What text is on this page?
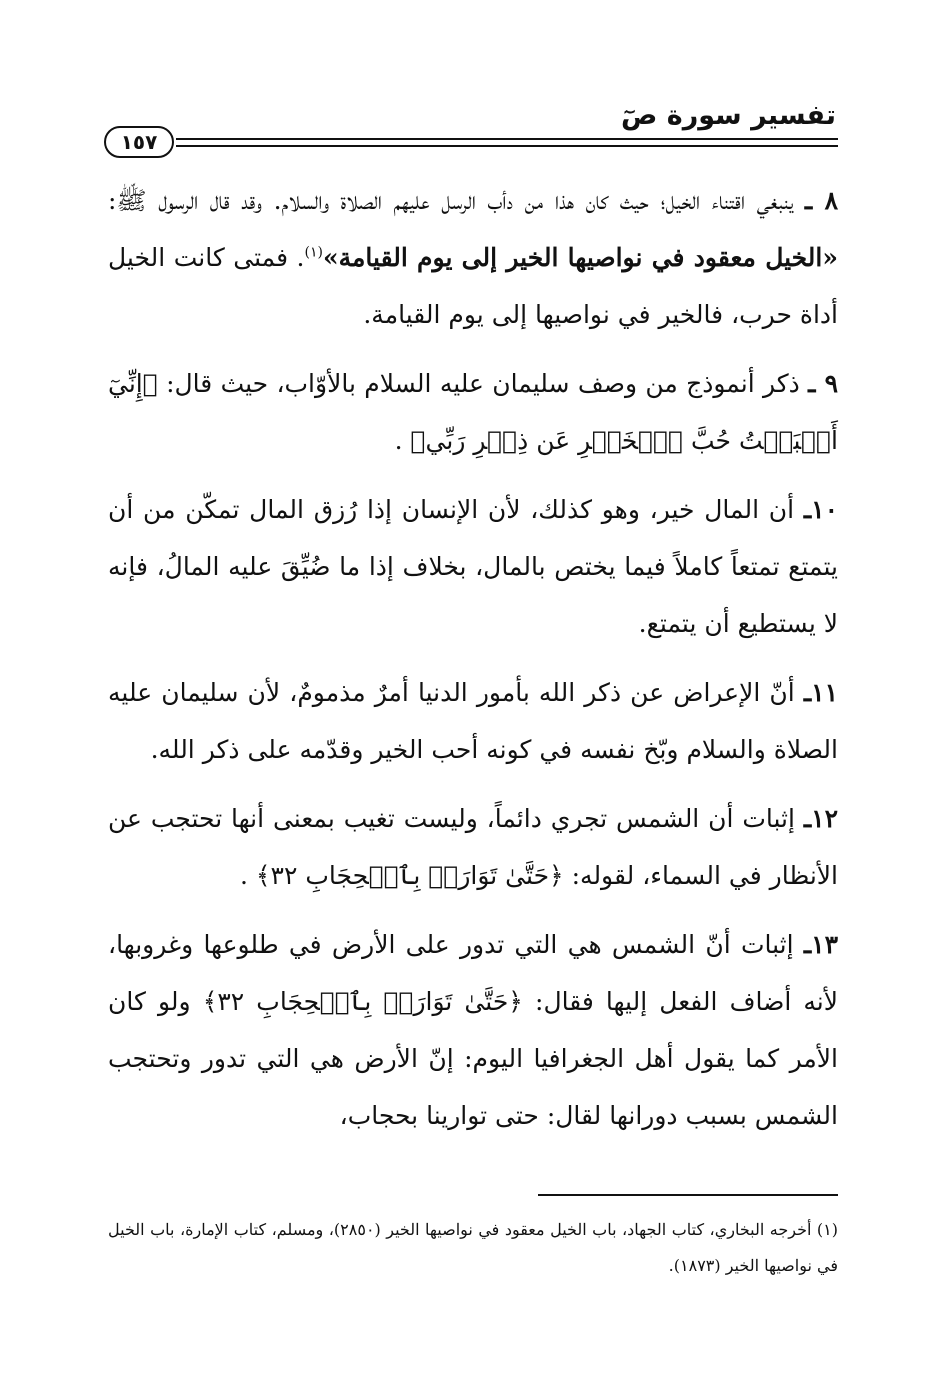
تفسير سورة صٓ
١٥٧

٨ ـ ينبغي اقتناء الخيل؛ حيث كان هذا من دأب الرسل عليهم الصلاة والسلام. وقد قال الرسول ﷺ: «الخيل معقود في نواصيها الخير إلى يوم القيامة»$^{(١)}$. فمتى كانت الخيل أداة حرب، فالخير في نواصيها إلى يوم القيامة.

٩ ـ ذكر أنموذج من وصف سليمان عليه السلام بالأوّاب، حيث قال: ﴿إِنِّيٓ أَحۡبَبۡتُ حُبَّ ٱلۡخَيۡرِ عَن ذِكۡرِ رَبِّي﴾ .

١٠ـ أن المال خير، وهو كذلك، لأن الإنسان إذا رُزق المال تمكّن من أن يتمتع تمتعاً كاملاً فيما يختص بالمال، بخلاف إذا ما ضُيِّقَ عليه المالُ، فإنه لا يستطيع أن يتمتع.

١١ـ أنّ الإعراض عن ذكر الله بأمور الدنيا أمرٌ مذمومٌ، لأن سليمان عليه الصلاة والسلام وبّخ نفسه في كونه أحب الخير وقدّمه على ذكر الله.

١٢ـ إثبات أن الشمس تجري دائماً، وليست تغيب بمعنى أنها تحتجب عن الأنظار في السماء، لقوله: ﴿حَتَّىٰ تَوَارَتۡ بِٱلۡحِجَابِ ٣٢﴾ .

١٣ـ إثبات أنّ الشمس هي التي تدور على الأرض في طلوعها وغروبها، لأنه أضاف الفعل إليها فقال: ﴿حَتَّىٰ تَوَارَتۡ بِٱلۡحِجَابِ ٣٢﴾ ولو كان الأمر كما يقول أهل الجغرافيا اليوم: إنّ الأرض هي التي تدور وتحتجب الشمس بسبب دورانها لقال: حتى توارينا بحجاب،

(١) أخرجه البخاري، كتاب الجهاد، باب الخيل معقود في نواصيها الخير (٢٨٥٠)، ومسلم، كتاب الإمارة، باب الخيل في نواصيها الخير (١٨٧٣).
